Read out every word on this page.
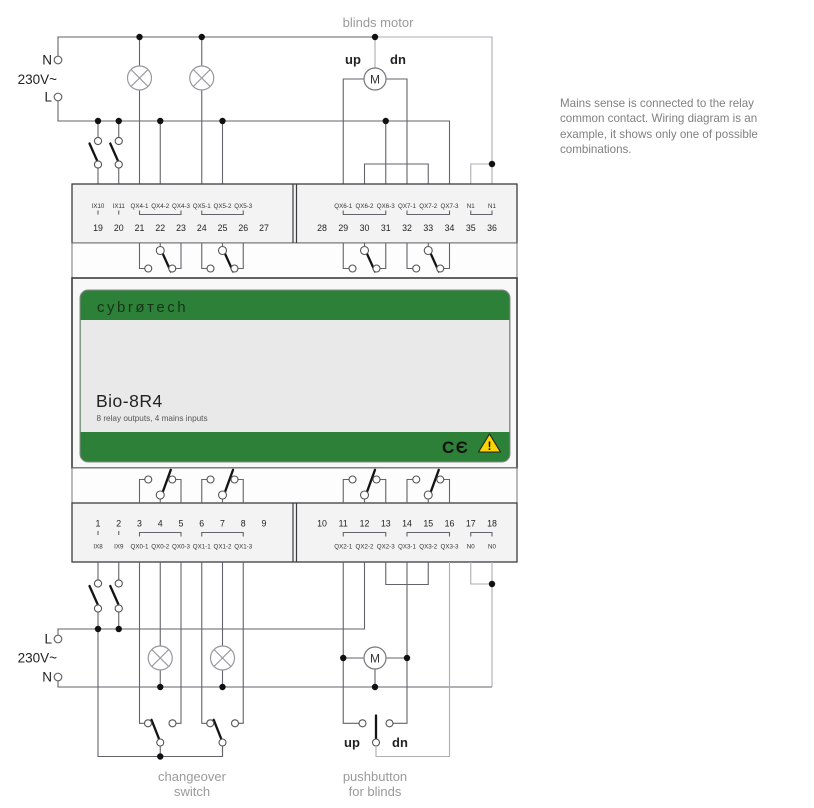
M
cybrøтech
Bio-8R4
8 relay outputs, 4 mains inputs
CЄ !
IX10 IX11 QX4-1 QX4-2 QX4-3 QX5-1 QX5-2 QX5-3	QX6-1 QX6-2 QX6-3 QX7-1 QX7-2 QX7-3 N1 N1
19 20 21 22 23 24 25 26 27	28 29 30 31 32 33 34 35 36
1 2 3 4 5 6 7 8 9	10 11 12 13 14 15 16 17 18
IX8 IX9 QX0-1 QX0-2 QX0-3 QX1-1 QX1-2 QX1-3	QX2-1 QX2-2 QX2-3 QX3-1 QX3-2 QX3-3 N0 N0
M
blinds motor
up dn
N
230V~
L
L
230V~
N
up dn
changeover
switch
pushbutton
for blinds
Mains sense is connected to the relay
common contact. Wiring diagram is an
example, it shows only one of possible
combinations.
